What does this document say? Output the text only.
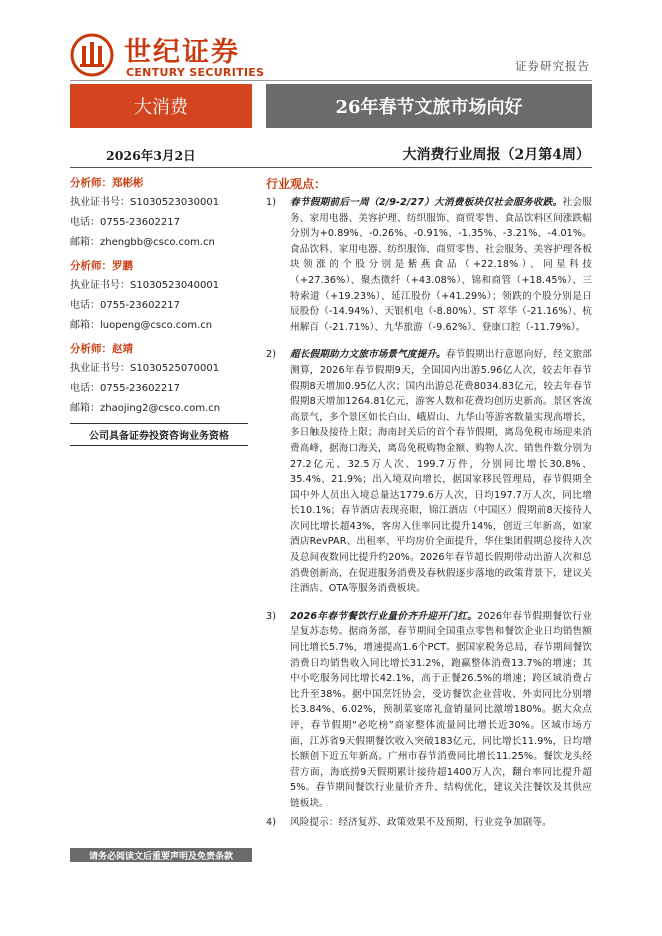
世纪证券
CENTURY SECURITIES	证券研究报告
大消费	26年春节文旅市场向好
2026年3月2日	大消费行业周报（2月第4周）
分析师：郑彬彬
执业证书号：S1030523030001
电话：0755-23602217
邮箱：zhengbb@csco.com.cn
分析师：罗鹏
执业证书号：S1030523040001
电话：0755-23602217
邮箱：luopeng@csco.com.cn
分析师：赵靖
执业证书号：S1030525070001
电话：0755-23602217
邮箱：zhaojing2@csco.com.cn
公司具备证券投资咨询业务资格
请务必阅读文后重要声明及免责条款
行业观点：
1) 春节假期前后一周（2/9-2/27）大消费板块仅社会服务收跌。社会服务、家用电器、美容护理、纺织服饰、商贸零售、食品饮料区间涨跌幅分别为+0.89%、-0.26%、-0.91%、-1.35%、-3.21%、-4.01%。食品饮料、家用电器、纺织服饰、商贸零售、社会服务、美容护理各板块领涨的个股分别是紫燕食品（+22.18%）、同星科技（+27.36%）、聚杰微纤（+43.08%）、锦和商管（+18.45%）、三特索道（+19.23%）、延江股份（+41.29%）；领跌的个股分别是日辰股份（-14.94%）、天银机电（-8.80%）、ST 萃华（-21.16%）、杭州解百（-21.71%）、九华旅游（-9.62%）、登康口腔（-11.79%）。
2) 超长假期助力文旅市场景气度提升。春节假期出行意愿向好，经文旅部测算，2026年春节假期9天，全国国内出游5.96亿人次，较去年春节假期8天增加0.95亿人次；国内出游总花费8034.83亿元，较去年春节假期8天增加1264.81亿元，游客人数和花费均创历史新高。景区客流高景气，多个景区如长白山、峨眉山、九华山等游客数量实现高增长，多日触及接待上限；海南封关后的首个春节假期，离岛免税市场迎来消费高峰，据海口海关，离岛免税购物金额、购物人次、销售件数分别为27.2亿元、32.5万人次、199.7万件，分别同比增长30.8%、35.4%、21.9%；出入境双向增长，据国家移民管理局，春节假期全国中外人员出入境总量达1779.6万人次，日均197.7万人次，同比增长10.1%；春节酒店表现亮眼，锦江酒店（中国区）假期前8天接待人次同比增长超43%，客房入住率同比提升14%，创近三年新高，如家酒店RevPAR、出租率、平均房价全面提升，华住集团假期总接待人次及总间夜数同比提升约20%。2026年春节超长假期带动出游人次和总消费创新高，在促进服务消费及春秋假逐步落地的政策背景下，建议关注酒店、OTA等服务消费板块。
3) 2026年春节餐饮行业量价齐升迎开门红。2026年春节假期餐饮行业呈复苏态势。据商务部，春节期间全国重点零售和餐饮企业日均销售额同比增长5.7%，增速提高1.6个PCT。据国家税务总局，春节期间餐饮消费日均销售收入同比增长31.2%，跑赢整体消费13.7%的增速；其中小吃服务同比增长42.1%，高于正餐26.5%的增速；跨区域消费占比升至38%。据中国烹饪协会，受访餐饮企业营收、外卖同比分别增长3.84%、6.02%，预制菜宴席礼盒销量同比激增180%。据大众点评，春节假期“必吃榜”商家整体流量同比增长近30%。区域市场方面，江苏省9天假期餐饮收入突破183亿元，同比增长11.9%，日均增长额创下近五年新高。广州市春节消费同比增长11.25%。餐饮龙头经营方面，海底捞9天假期累计接待超1400万人次，翻台率同比提升超5%。春节期间餐饮行业量价齐升、结构优化，建议关注餐饮及其供应链板块。
4) 风险提示：经济复苏、政策效果不及预期、行业竞争加剧等。
